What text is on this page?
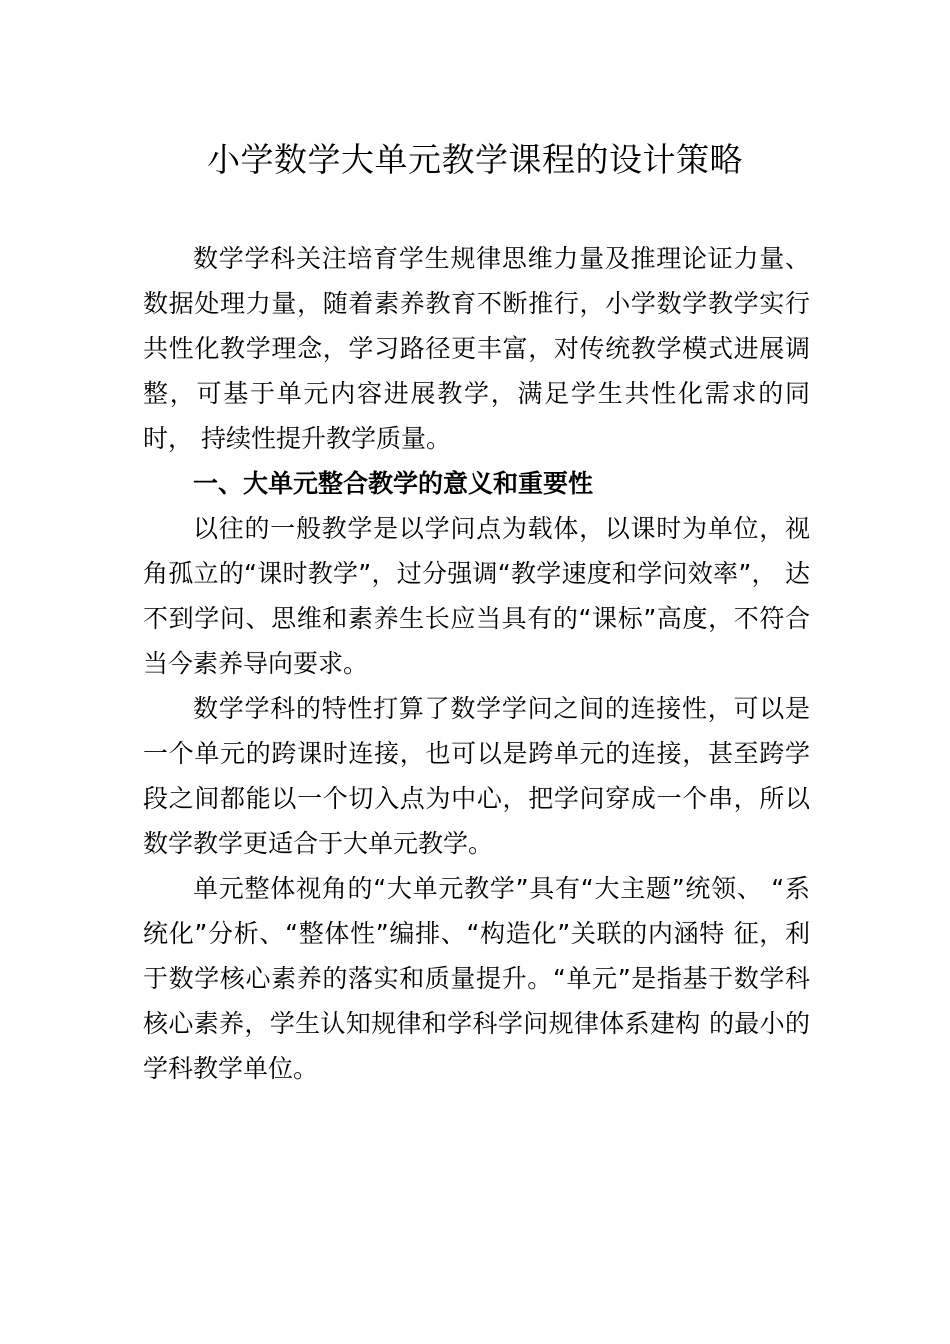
小学数学大单元教学课程的设计策略

数学学科关注培育学生规律思维力量及推理论证力量、数据处理力量，随着素养教育不断推行，小学数学教学实行共性化教学理念，学习路径更丰富，对传统教学模式进展调整，可基于单元内容进展教学，满足学生共性化需求的同时， 持续性提升教学质量。

一、大单元整合教学的意义和重要性

以往的一般教学是以学问点为载体，以课时为单位，视角孤立的“课时教学”，过分强调“教学速度和学问效率”， 达不到学问、思维和素养生长应当具有的“课标”高度，不符合当今素养导向要求。

数学学科的特性打算了数学学问之间的连接性，可以是一个单元的跨课时连接，也可以是跨单元的连接，甚至跨学段之间都能以一个切入点为中心，把学问穿成一个串，所以数学教学更适合于大单元教学。

单元整体视角的“大单元教学”具有“大主题”统领、 “系统化”分析、“整体性”编排、“构造化”关联的内涵特 征，利于数学核心素养的落实和质量提升。“单元”是指基于数学科核心素养，学生认知规律和学科学问规律体系建构 的最小的学科教学单位。
